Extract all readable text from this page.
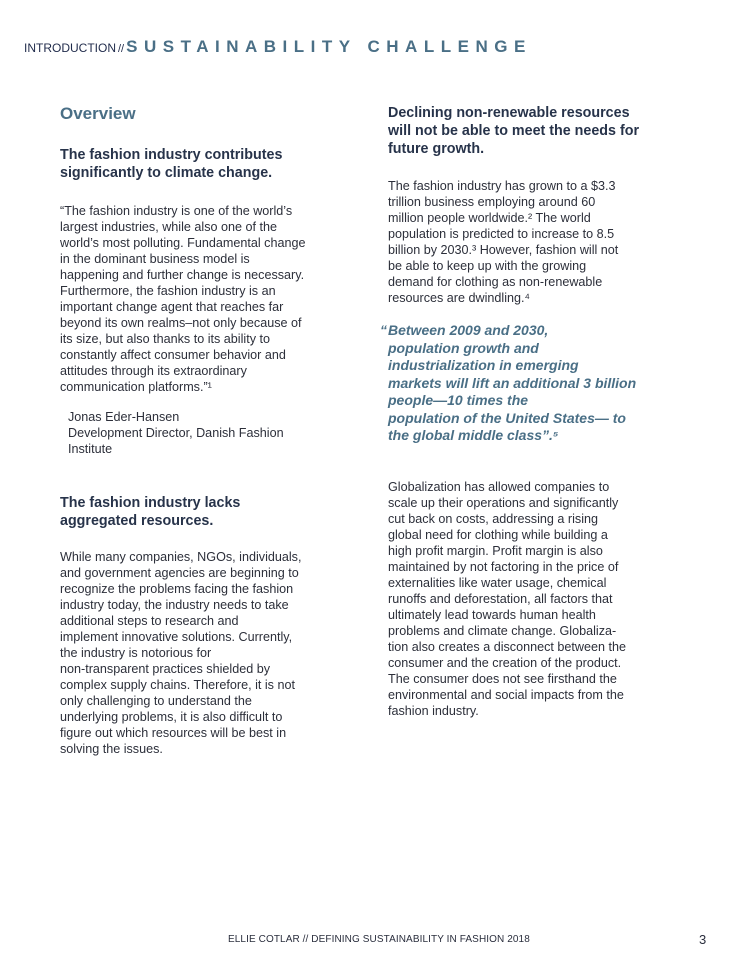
INTRODUCTION // SUSTAINABILITY CHALLENGE
Overview
The fashion industry contributes significantly to climate change.
“The fashion industry is one of the world’s
largest industries, while also one of the
world’s most polluting. Fundamental change
in the dominant business model is
happening and further change is necessary.
Furthermore, the fashion industry is an
important change agent that reaches far
beyond its own realms–not only because of
its size, but also thanks to its ability to
constantly affect consumer behavior and
attitudes through its extraordinary
communication platforms.”¹
Jonas Eder-Hansen
Development Director, Danish Fashion
Institute
The fashion industry lacks
aggregated resources.
While many companies, NGOs, individuals,
and government agencies are beginning to
recognize the problems facing the fashion
industry today, the industry needs to take
additional steps to research and
implement innovative solutions. Currently,
the industry is notorious for
non-transparent practices shielded by
complex supply chains. Therefore, it is not
only challenging to understand the
underlying problems, it is also difficult to
figure out which resources will be best in
solving the issues.
Declining non-renewable resources
will not be able to meet the needs for
future growth.
The fashion industry has grown to a $3.3
trillion business employing around 60
million people worldwide.² The world
population is predicted to increase to 8.5
billion by 2030.³ However, fashion will not
be able to keep up with the growing
demand for clothing as non-renewable
resources are dwindling.⁴
“ Between 2009 and 2030,
population growth and
industrialization in emerging
markets will lift an additional 3 billion
people—10 times the
population of the United States— to
the global middle class”.⁵
Globalization has allowed companies to
scale up their operations and significantly
cut back on costs, addressing a rising
global need for clothing while building a
high profit margin. Profit margin is also
maintained by not factoring in the price of
externalities like water usage, chemical
runoffs and deforestation, all factors that
ultimately lead towards human health
problems and climate change. Globaliza-
tion also creates a disconnect between the
consumer and the creation of the product.
The consumer does not see firsthand the
environmental and social impacts from the
fashion industry.
ELLIE COTLAR // DEFINING SUSTAINABILITY IN FASHION 2018	3
